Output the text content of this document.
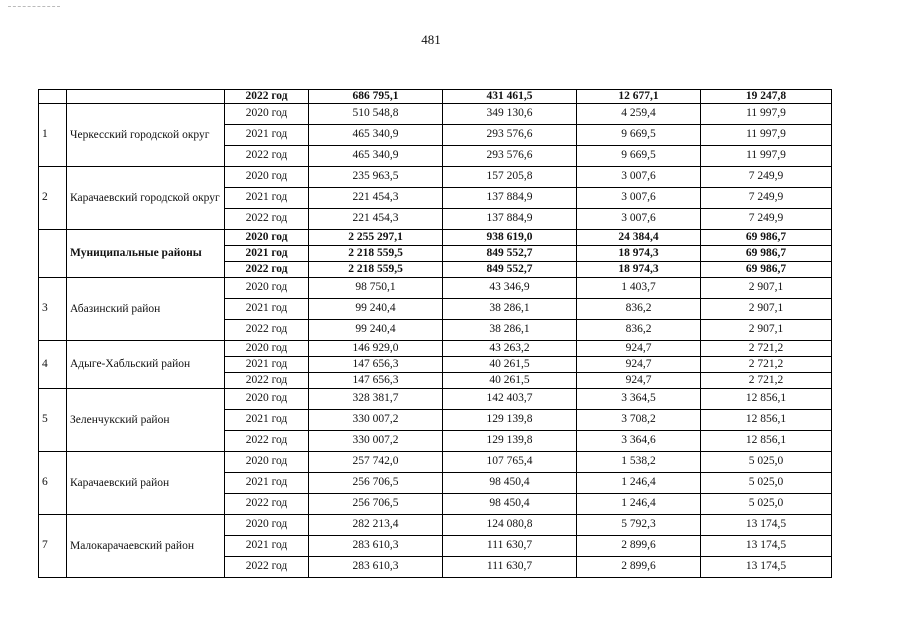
481
		2022 год	686 795,1	431 461,5	12 677,1	19 247,8
1	Черкесский городской округ	2020 год	510 548,8	349 130,6	4 259,4	11 997,9
		2021 год	465 340,9	293 576,6	9 669,5	11 997,9
		2022 год	465 340,9	293 576,6	9 669,5	11 997,9
2	Карачаевский городской округ	2020 год	235 963,5	157 205,8	3 007,6	7 249,9
		2021 год	221 454,3	137 884,9	3 007,6	7 249,9
		2022 год	221 454,3	137 884,9	3 007,6	7 249,9
	Муниципальные районы	2020 год	2 255 297,1	938 619,0	24 384,4	69 986,7
		2021 год	2 218 559,5	849 552,7	18 974,3	69 986,7
		2022 год	2 218 559,5	849 552,7	18 974,3	69 986,7
3	Абазинский район	2020 год	98 750,1	43 346,9	1 403,7	2 907,1
		2021 год	99 240,4	38 286,1	836,2	2 907,1
		2022 год	99 240,4	38 286,1	836,2	2 907,1
4	Адыге-Хабльский район	2020 год	146 929,0	43 263,2	924,7	2 721,2
		2021 год	147 656,3	40 261,5	924,7	2 721,2
		2022 год	147 656,3	40 261,5	924,7	2 721,2
5	Зеленчукский район	2020 год	328 381,7	142 403,7	3 364,5	12 856,1
		2021 год	330 007,2	129 139,8	3 708,2	12 856,1
		2022 год	330 007,2	129 139,8	3 364,6	12 856,1
6	Карачаевский район	2020 год	257 742,0	107 765,4	1 538,2	5 025,0
		2021 год	256 706,5	98 450,4	1 246,4	5 025,0
		2022 год	256 706,5	98 450,4	1 246,4	5 025,0
7	Малокарачаевский район	2020 год	282 213,4	124 080,8	5 792,3	13 174,5
		2021 год	283 610,3	111 630,7	2 899,6	13 174,5
		2022 год	283 610,3	111 630,7	2 899,6	13 174,5
